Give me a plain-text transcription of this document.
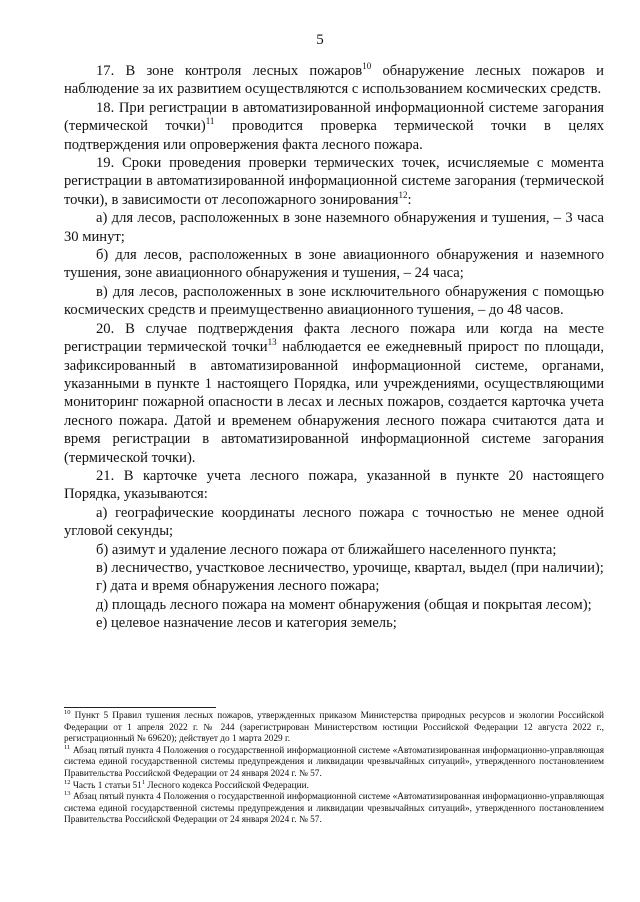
5

17. В зоне контроля лесных пожаров$^{10}$ обнаружение лесных пожаров и наблюдение за их развитием осуществляются с использованием космических средств.

18. При регистрации в автоматизированной информационной системе загорания (термической точки)$^{11}$ проводится проверка термической точки в целях подтверждения или опровержения факта лесного пожара.

19. Сроки проведения проверки термических точек, исчисляемые с момента регистрации в автоматизированной информационной системе загорания (термической точки), в зависимости от лесопожарного зонирования$^{12}$:

а) для лесов, расположенных в зоне наземного обнаружения и тушения, – 3 часа 30 минут;

б) для лесов, расположенных в зоне авиационного обнаружения и наземного тушения, зоне авиационного обнаружения и тушения, – 24 часа;

в) для лесов, расположенных в зоне исключительного обнаружения с помощью космических средств и преимущественно авиационного тушения, – до 48 часов.

20. В случае подтверждения факта лесного пожара или когда на месте регистрации термической точки$^{13}$ наблюдается ее ежедневный прирост по площади, зафиксированный в автоматизированной информационной системе, органами, указанными в пункте 1 настоящего Порядка, или учреждениями, осуществляющими мониторинг пожарной опасности в лесах и лесных пожаров, создается карточка учета лесного пожара. Датой и временем обнаружения лесного пожара считаются дата и время регистрации в автоматизированной информационной системе загорания (термической точки).

21. В карточке учета лесного пожара, указанной в пункте 20 настоящего Порядка, указываются:

а) географические координаты лесного пожара с точностью не менее одной угловой секунды;

б) азимут и удаление лесного пожара от ближайшего населенного пункта;

в) лесничество, участковое лесничество, урочище, квартал, выдел (при наличии);

г) дата и время обнаружения лесного пожара;

д) площадь лесного пожара на момент обнаружения (общая и покрытая лесом);

е) целевое назначение лесов и категория земель;

$^{10}$ Пункт 5 Правил тушения лесных пожаров, утвержденных приказом Министерства природных ресурсов и экологии Российской Федерации от 1 апреля 2022 г. № 244 (зарегистрирован Министерством юстиции Российской Федерации 12 августа 2022 г., регистрационный № 69620); действует до 1 марта 2029 г.

$^{11}$ Абзац пятый пункта 4 Положения о государственной информационной системе «Автоматизированная информационно-управляющая система единой государственной системы предупреждения и ликвидации чрезвычайных ситуаций», утвержденного постановлением Правительства Российской Федерации от 24 января 2024 г. № 57.

$^{12}$ Часть 1 статьи $51^1$ Лесного кодекса Российской Федерации.

$^{13}$ Абзац пятый пункта 4 Положения о государственной информационной системе «Автоматизированная информационно-управляющая система единой государственной системы предупреждения и ликвидации чрезвычайных ситуаций», утвержденного постановлением Правительства Российской Федерации от 24 января 2024 г. № 57.
